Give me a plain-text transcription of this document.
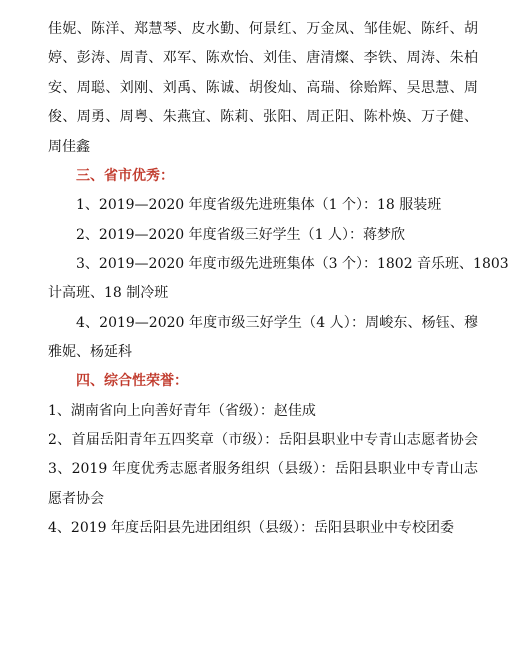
佳妮、陈洋、郑慧琴、皮水勤、何景红、万金凤、邹佳妮、陈纤、胡
婷、彭涛、周青、邓军、陈欢怡、刘佳、唐清燦、李铁、周涛、朱柏
安、周聪、刘刚、刘禹、陈诚、胡俊灿、高瑞、徐贻辉、吴思慧、周
俊、周勇、周粤、朱燕宜、陈莉、张阳、周正阳、陈朴焕、万子健、
周佳鑫
三、省市优秀：
1、2019—2020 年度省级先进班集体（1 个）：18 服装班
2、2019—2020 年度省级三好学生（1 人）：蒋梦欣
3、2019—2020 年度市级先进班集体（3 个）：1802 音乐班、1803
计高班、18 制冷班
4、2019—2020 年度市级三好学生（4 人）：周峻东、杨钰、穆
雅妮、杨延科
四、综合性荣誉：
1、湖南省向上向善好青年（省级）：赵佳成
2、首届岳阳青年五四奖章（市级）：岳阳县职业中专青山志愿者协会
3、2019 年度优秀志愿者服务组织（县级）：岳阳县职业中专青山志
愿者协会
4、2019 年度岳阳县先进团组织（县级）：岳阳县职业中专校团委
